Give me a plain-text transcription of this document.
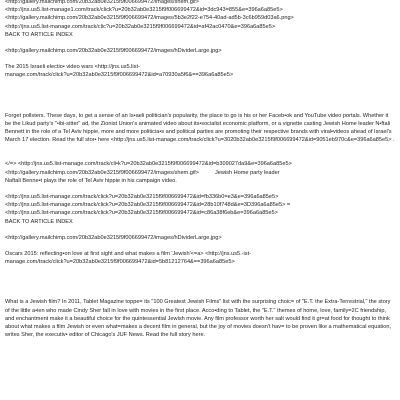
<http://gallery.mailchimp.com/20b32ab0e3215f9f006699472/images/shem.gif>
<http://jns.us5.list-manage1.com/track/click?u=20b32ab0e3215f9f006699472&id=3dc943=855&e=396a6a85e5>
<http://gallery.mailchimp.com/20b32ab0e3215f9f006699472/images/5b3e2f22-e754-40ad-ad5b-3c6b959d03a6.png>
<http://jns.us5.list-manage.com/track/clic?u=20b32ab0e3215f9f006699472&id=af42ac0470&e=396a6a85e5>
BACK TO ARTICLE INDEX
<http://gallery.mailchimp.com/20b32ab0e3215f9f006699472/images/hDividerLarge.jpg>
The 2015 Israeli electio• video wars <http://jns.us5.list-
manage.com/track/click?u=20b32ab0e3215f9f006699472&id=a70930a5f6&==396a6a85e5>
Forget pollsters. These days, to get a sense of an Is•aeli politician's popularity, the place to go is his or her Faceb•ok and YouTube video portals. Whether it be the Likud party's "•ibi-sitter" ad, the Zionist Union's animated video about its•socialist economic platform, or a vignette casting Jewish Home leader N•ftali Bennett in the role of a Tel Aviv hippie, more and more politicia•s and political parties are promoting their respective brands with viral•videos ahead of Israel's March 17 election. Read the full stor• here <http://jns.us5.list-manage.com/track/click?u=3020b32ab0e3215f9f006699472&id=9051eb970c&e=396a6a85e5> .
</=> <http://jns.us5.list-manage.com/track/cli•k?u=20b32ab0e3215f9f006699472&id=b309027da9&e=396a6a85e5>
<http://gallery.mailchimp.com/20b32ab0e3215f9f006699472/images/shem.gif>	Jewish Home party leader
Naftali Benne•t plays the role of Tel Aviv hippie in his campaign video.
<http://jns.us5.list-manage.com/track/click?u=20b32ab0e3215f9f006699472&id=fb336b0=e3&e=396a6a85e5>
<http://jns.us5.list-manage.com/track/click?u=20b32ab0e3215f9f006699472&id=28b10f748d&e=3D396a6a85e5> =
<http://jns.us5.list-manage.com/track/click?u=20b32ab0e3215f9f006699472&id=c86a38f6eb&e=396a6a85e5>
BACK TO ARTICLE INDEX
<http://gallery.mailchimp.com/20b32ab0e3215f9f006699472/images/hDividerLarge.jpg>
Oscars 2015: reflecting•on love at first sight and what makes a film 'Jewish'<=a> <http://jns.us5.-ist-
manage.com/track/click?u=20b32ab0e3215f9f006699472&id=5b81212764&==396a6a85e5>
What is a Jewish film? In 2011, Tablet Magazine toppe= its "100 Greatest Jewish Films" list with the surprising choic= of "E.T. the Extra-Terrestrial," the story of the little a•ien who made Cindy Sher fall in love with movies in the first place. Acco•ding to Tablet, the "E.T." themes of home, love, family=2C friendship, and enchantment make it a beautiful choice for the quintessential Jewish movie. Any film professor worth her salt would find it gr=at food for thought to think about what makes a film Jewish or even what=makes a decent film in general, but the joy of movies doesn't hav= to be proven like a mathematical equation, writes Sher, the executiv• editor of Chicago's JUF News. Read the full story here.
